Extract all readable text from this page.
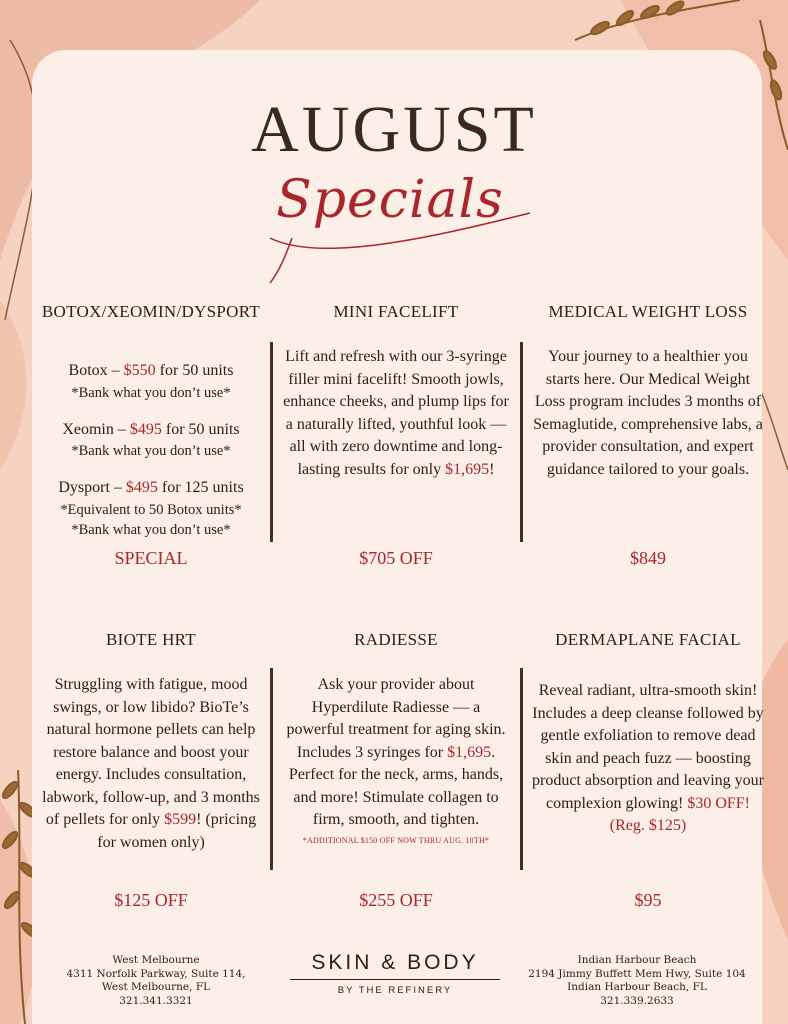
AUGUST
Specials
BOTOX/XEOMIN/DYSPORT
Botox – $550 for 50 units
*Bank what you don’t use*
Xeomin – $495 for 50 units
*Bank what you don’t use*
Dysport – $495 for 125 units
*Equivalent to 50 Botox units*
*Bank what you don’t use*
SPECIAL
MINI FACELIFT
Lift and refresh with our 3-syringe filler mini facelift! Smooth jowls, enhance cheeks, and plump lips for a naturally lifted, youthful look — all with zero downtime and long-lasting results for only $1,695!
$705 OFF
MEDICAL WEIGHT LOSS
Your journey to a healthier you starts here. Our Medical Weight Loss program includes 3 months of Semaglutide, comprehensive labs, a provider consultation, and expert guidance tailored to your goals.
$849
BIOTE HRT
Struggling with fatigue, mood swings, or low libido? BioTe’s natural hormone pellets can help restore balance and boost your energy. Includes consultation, labwork, follow-up, and 3 months of pellets for only $599! (pricing for women only)
$125 OFF
RADIESSE
Ask your provider about Hyperdilute Radiesse — a powerful treatment for aging skin. Includes 3 syringes for $1,695. Perfect for the neck, arms, hands, and more! Stimulate collagen to firm, smooth, and tighten.
*ADDITIONAL $150 OFF NOW THRU AUG. 10TH*
$255 OFF
DERMAPLANE FACIAL
Reveal radiant, ultra-smooth skin! Includes a deep cleanse followed by gentle exfoliation to remove dead skin and peach fuzz — boosting product absorption and leaving your complexion glowing! $30 OFF! (Reg. $125)
$95
West Melbourne
4311 Norfolk Parkway, Suite 114,
West Melbourne, FL
321.341.3321
SKIN & BODY
BY THE REFINERY
Indian Harbour Beach
2194 Jimmy Buffett Mem Hwy, Suite 104
Indian Harbour Beach, FL
321.339.2633
